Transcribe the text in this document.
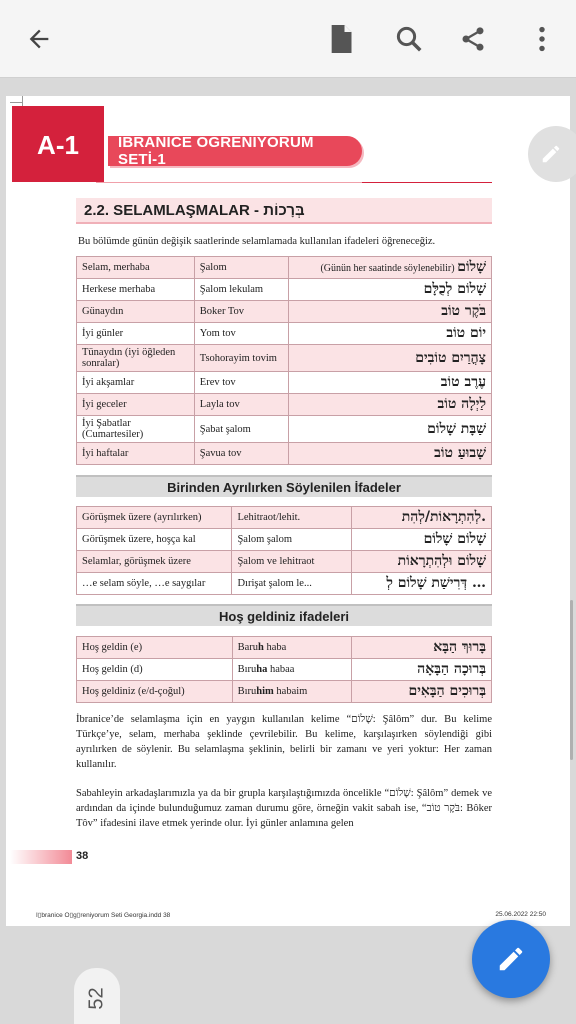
A-1	İBRANİCE ÖĞRENİYORUM SETİ-1
2.2. SELAMLAŞMALAR - בְּרָכוֹת
Bu bölümde günün değişik saatlerinde selamlamada kullanılan ifadeleri öğreneceğiz.
Selam, merhaba	Şalom	(Günün her saatinde söylenebilir) שָׁלוֹם
Herkese merhaba	Şalom lekulam	שָׁלוֹם לְכֻלָּם
Günaydın	Boker Tov	בֹּקֶר טוֹב
İyi günler	Yom tov	יוֹם טוֹב
Tünaydın (iyi öğleden sonralar)	Tsohorayim tovim	צָהֳרַיִם טוֹבִים
İyi akşamlar	Erev tov	עֶרֶב טוֹב
İyi geceler	Layla tov	לַיְלָה טוֹב
İyi Şabatlar (Cumartesiler)	Şabat şalom	שַׁבָּת שָׁלוֹם
İyi haftalar	Şavua tov	שָׁבוּעַ טוֹב
Birinden Ayrılırken Söylenilen İfadeler
Görüşmek üzere (ayrılırken)	Lehitraot/lehit.	לְהִתְרָאוֹת/לְהִת.
Görüşmek üzere, hoşça kal	Şalom şalom	שָׁלוֹם שָׁלוֹם
Selamlar, görüşmek üzere	Şalom ve lehitraot	שָׁלוֹם וּלְהִתְרָאוֹת
…e selam söyle, …e saygılar	Dırişat şalom le...	דְּרִישַׁת שָׁלוֹם לְ …
Hoş geldiniz ifadeleri
Hoş geldin (e)	Baruh haba	בָּרוּךְ הַבָּא
Hoş geldin (d)	Bıruha habaa	בְּרוּכָה הַבָּאָה
Hoş geldiniz (e/d-çoğul)	Bıruhim habaim	בְּרוּכִים הַבָּאִים
İbranice’de selamlaşma için en yaygın kullanılan kelime “שָׁלוֹם: Şâlôm” dur. Bu kelime Türkçe’ye, selam, merhaba şeklinde çevrilebilir. Bu kelime, karşılaşırken söylendiği gibi ayrılırken de söylenir. Bu selamlaşma şeklinin, belirli bir zamanı ve yeri yoktur: Her zaman kullanılır.
Sabahleyin arkadaşlarımızla ya da bir grupla karşılaştığımızda öncelikle “שָׁלוֹם: Şâlôm” demek ve ardından da içinde bulunduğumuz zaman durumu göre, örneğin vakit sabah ise, “בֹּקֶר טוֹב: Bôker Tôv” ifadesini ilave etmek yerinde olur. İyi günler anlamına gelen
38
I▯branice O▯g▯reniyorum Seti Georgia.indd 38	25.06.2022 22:50
52
